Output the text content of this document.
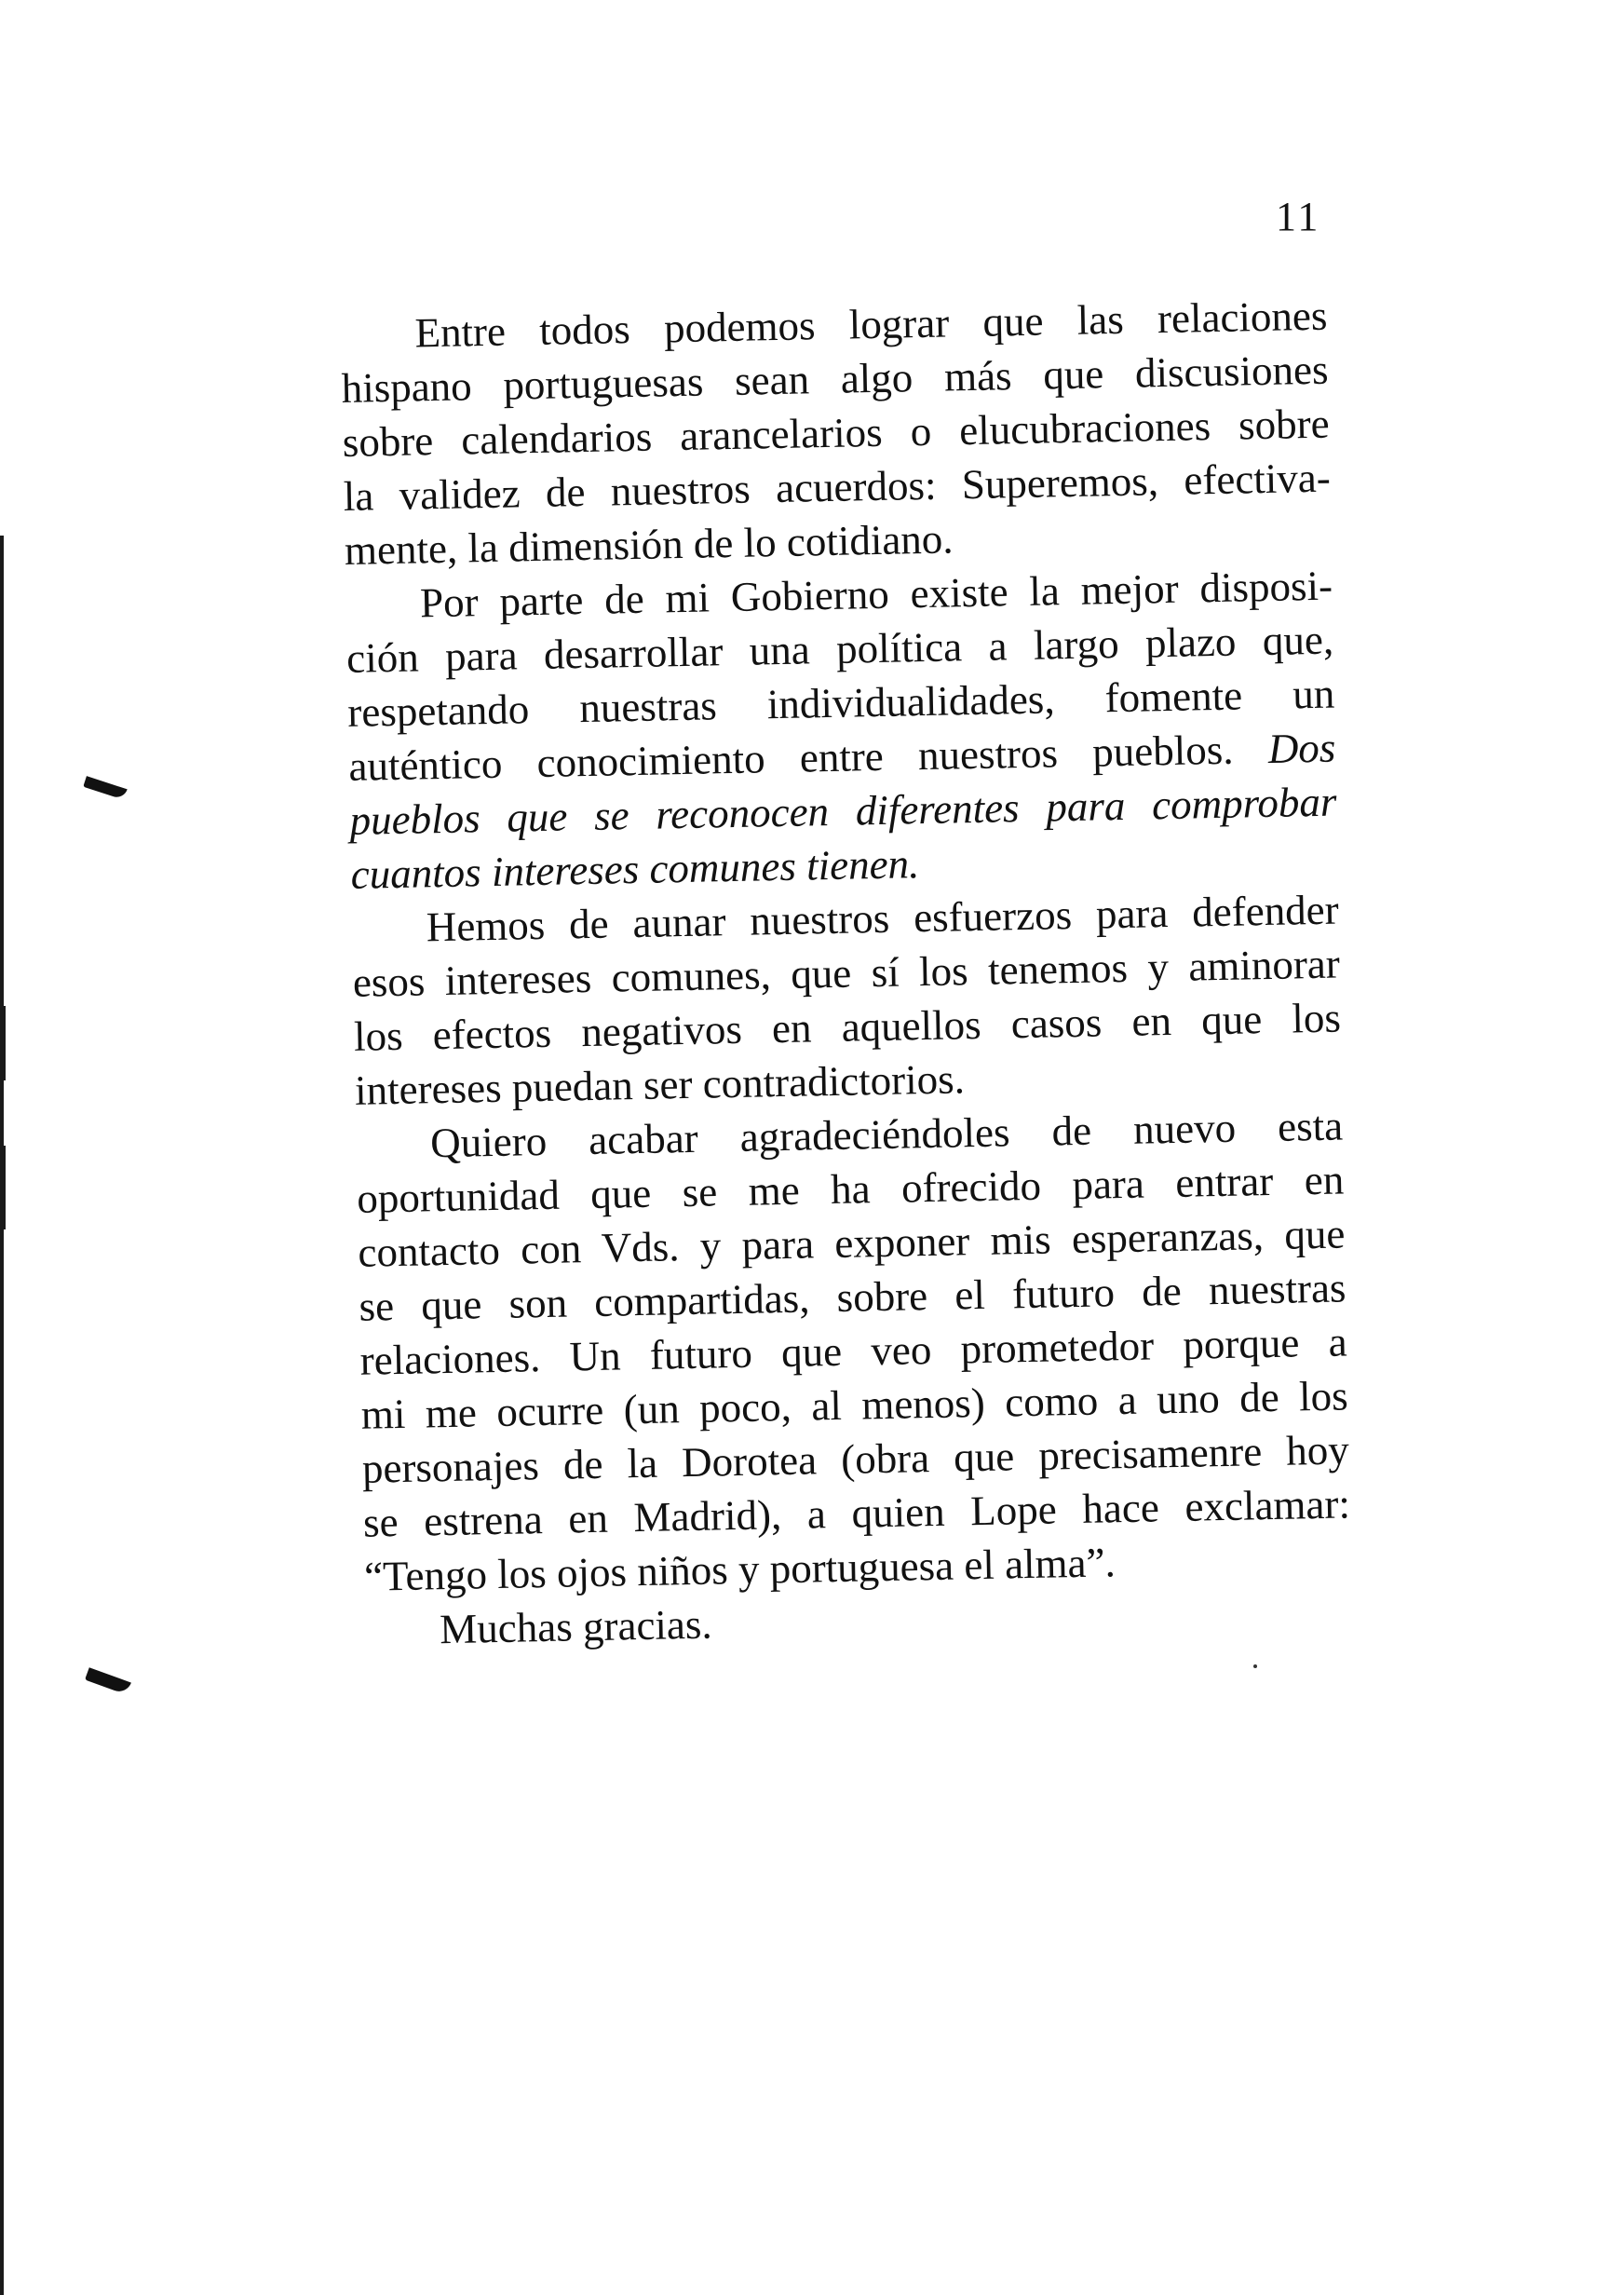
11
Entre todos podemos lograr que las relaciones
hispano portuguesas sean algo más que discusiones
sobre calendarios arancelarios o elucubraciones sobre
la validez de nuestros acuerdos: Superemos, efectiva-
mente, la dimensión de lo cotidiano.
Por parte de mi Gobierno existe la mejor disposi-
ción para desarrollar una política a largo plazo que,
respetando nuestras individualidades, fomente un
auténtico conocimiento entre nuestros pueblos. Dos
pueblos que se reconocen diferentes para comprobar
cuantos intereses comunes tienen.
Hemos de aunar nuestros esfuerzos para defender
esos intereses comunes, que sí los tenemos y aminorar
los efectos negativos en aquellos casos en que los
intereses puedan ser contradictorios.
Quiero acabar agradeciéndoles de nuevo esta
oportunidad que se me ha ofrecido para entrar en
contacto con Vds. y para exponer mis esperanzas, que
se que son compartidas, sobre el futuro de nuestras
relaciones. Un futuro que veo prometedor porque a
mi me ocurre (un poco, al menos) como a uno de los
personajes de la Dorotea (obra que precisamenre hoy
se estrena en Madrid), a quien Lope hace exclamar:
“Tengo los ojos niños y portuguesa el alma”.
Muchas gracias.
